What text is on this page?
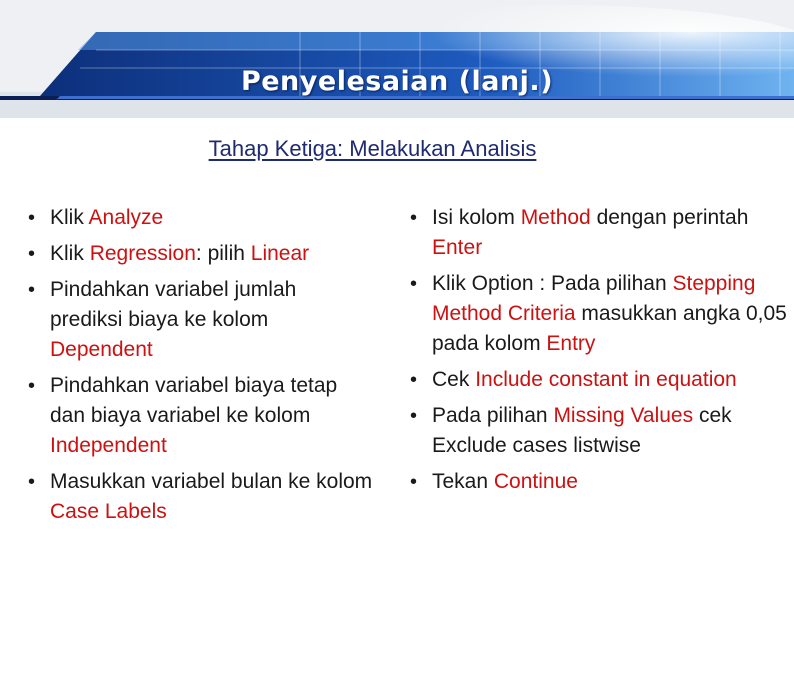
Penyelesaian (lanj.)
Tahap Ketiga: Melakukan Analisis
• Klik Analyze
• Klik Regression: pilih Linear
• Pindahkan variabel jumlah prediksi biaya ke kolom Dependent
• Pindahkan variabel biaya tetap dan biaya variabel ke kolom Independent
• Masukkan variabel bulan ke kolom Case Labels
• Isi kolom Method dengan perintah Enter
• Klik Option : Pada pilihan Stepping Method Criteria masukkan angka 0,05 pada kolom Entry
• Cek Include constant in equation
• Pada pilihan Missing Values cek Exclude cases listwise
• Tekan Continue
